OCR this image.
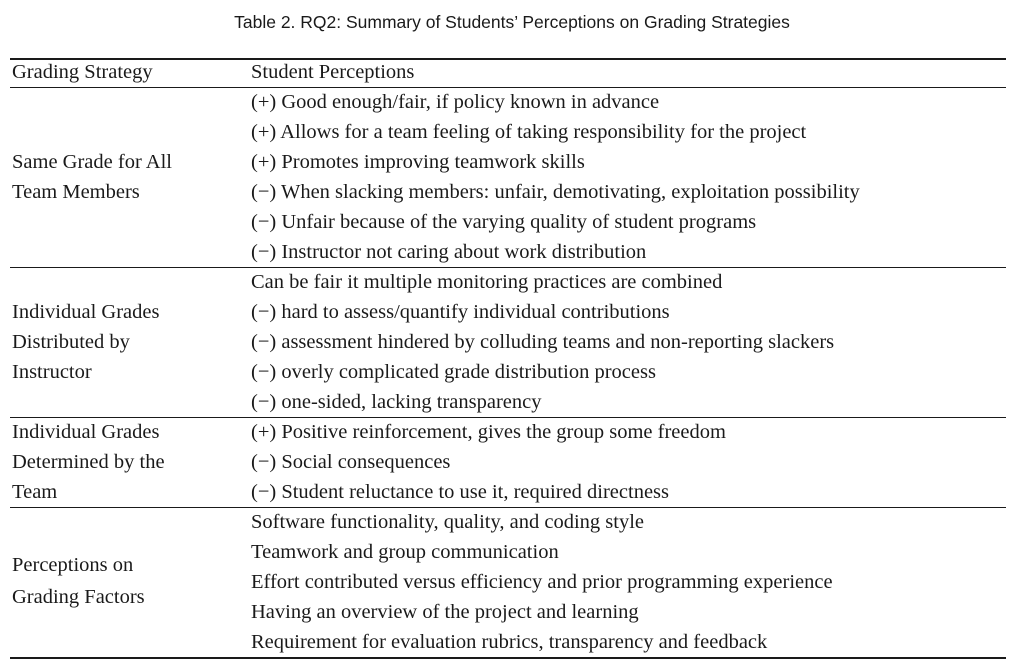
Table 2. RQ2: Summary of Students’ Perceptions on Grading Strategies
Grading Strategy	Student Perceptions
Same Grade for All
Team Members
(+) Good enough/fair, if policy known in advance
(+) Allows for a team feeling of taking responsibility for the project
(+) Promotes improving teamwork skills
(−) When slacking members: unfair, demotivating, exploitation possibility
(−) Unfair because of the varying quality of student programs
(−) Instructor not caring about work distribution
Individual Grades
Distributed by
Instructor
Can be fair it multiple monitoring practices are combined
(−) hard to assess/quantify individual contributions
(−) assessment hindered by colluding teams and non-reporting slackers
(−) overly complicated grade distribution process
(−) one-sided, lacking transparency
Individual Grades
Determined by the
Team
(+) Positive reinforcement, gives the group some freedom
(−) Social consequences
(−) Student reluctance to use it, required directness
Perceptions on
Grading Factors
Software functionality, quality, and coding style
Teamwork and group communication
Effort contributed versus efficiency and prior programming experience
Having an overview of the project and learning
Requirement for evaluation rubrics, transparency and feedback
